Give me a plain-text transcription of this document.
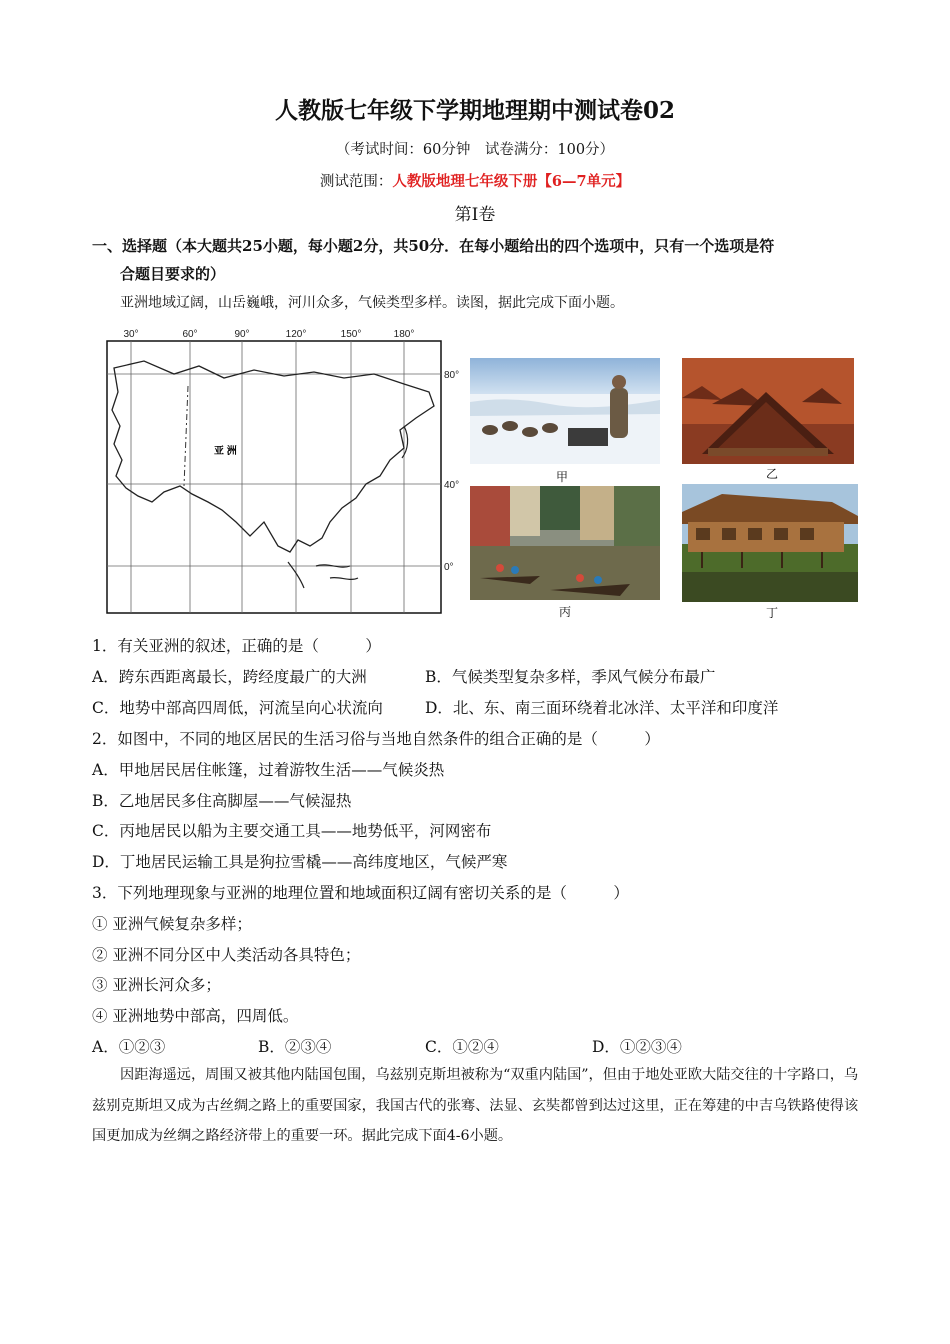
人教版七年级下学期地理期中测试卷02
（考试时间：60分钟　试卷满分：100分）
测试范围：人教版地理七年级下册【6—7单元】
第Ⅰ卷
一、选择题（本大题共25小题，每小题2分，共50分．在每小题给出的四个选项中，只有一个选项是符
合题目要求的）
亚洲地域辽阔，山岳巍峨，河川众多，气候类型多样。读图，据此完成下面小题。
30°	60°	90°	120°	150°	180°
80°
40°
0°
亚 洲
甲	乙
丙	丁
1．有关亚洲的叙述，正确的是（　　　）
A．跨东西距离最长，跨经度最广的大洲	B．气候类型复杂多样，季风气候分布最广
C．地势中部高四周低，河流呈向心状流向	D．北、东、南三面环绕着北冰洋、太平洋和印度洋
2．如图中，不同的地区居民的生活习俗与当地自然条件的组合正确的是（　　　）
A．甲地居民居住帐篷，过着游牧生活——气候炎热
B．乙地居民多住高脚屋——气候湿热
C．丙地居民以船为主要交通工具——地势低平，河网密布
D．丁地居民运输工具是狗拉雪橇——高纬度地区，气候严寒
3．下列地理现象与亚洲的地理位置和地域面积辽阔有密切关系的是（　　　）
① 亚洲气候复杂多样；
② 亚洲不同分区中人类活动各具特色；
③ 亚洲长河众多；
④ 亚洲地势中部高，四周低。
A．①②③	B．②③④	C．①②④	D．①②③④
因距海遥远，周围又被其他内陆国包围，乌兹别克斯坦被称为“双重内陆国”，但由于地处亚欧大陆交往的十字路口，乌兹别克斯坦又成为古丝绸之路上的重要国家，我国古代的张骞、法显、玄奘都曾到达过这里，正在筹建的中吉乌铁路使得该国更加成为丝绸之路经济带上的重要一环。据此完成下面4-6小题。
